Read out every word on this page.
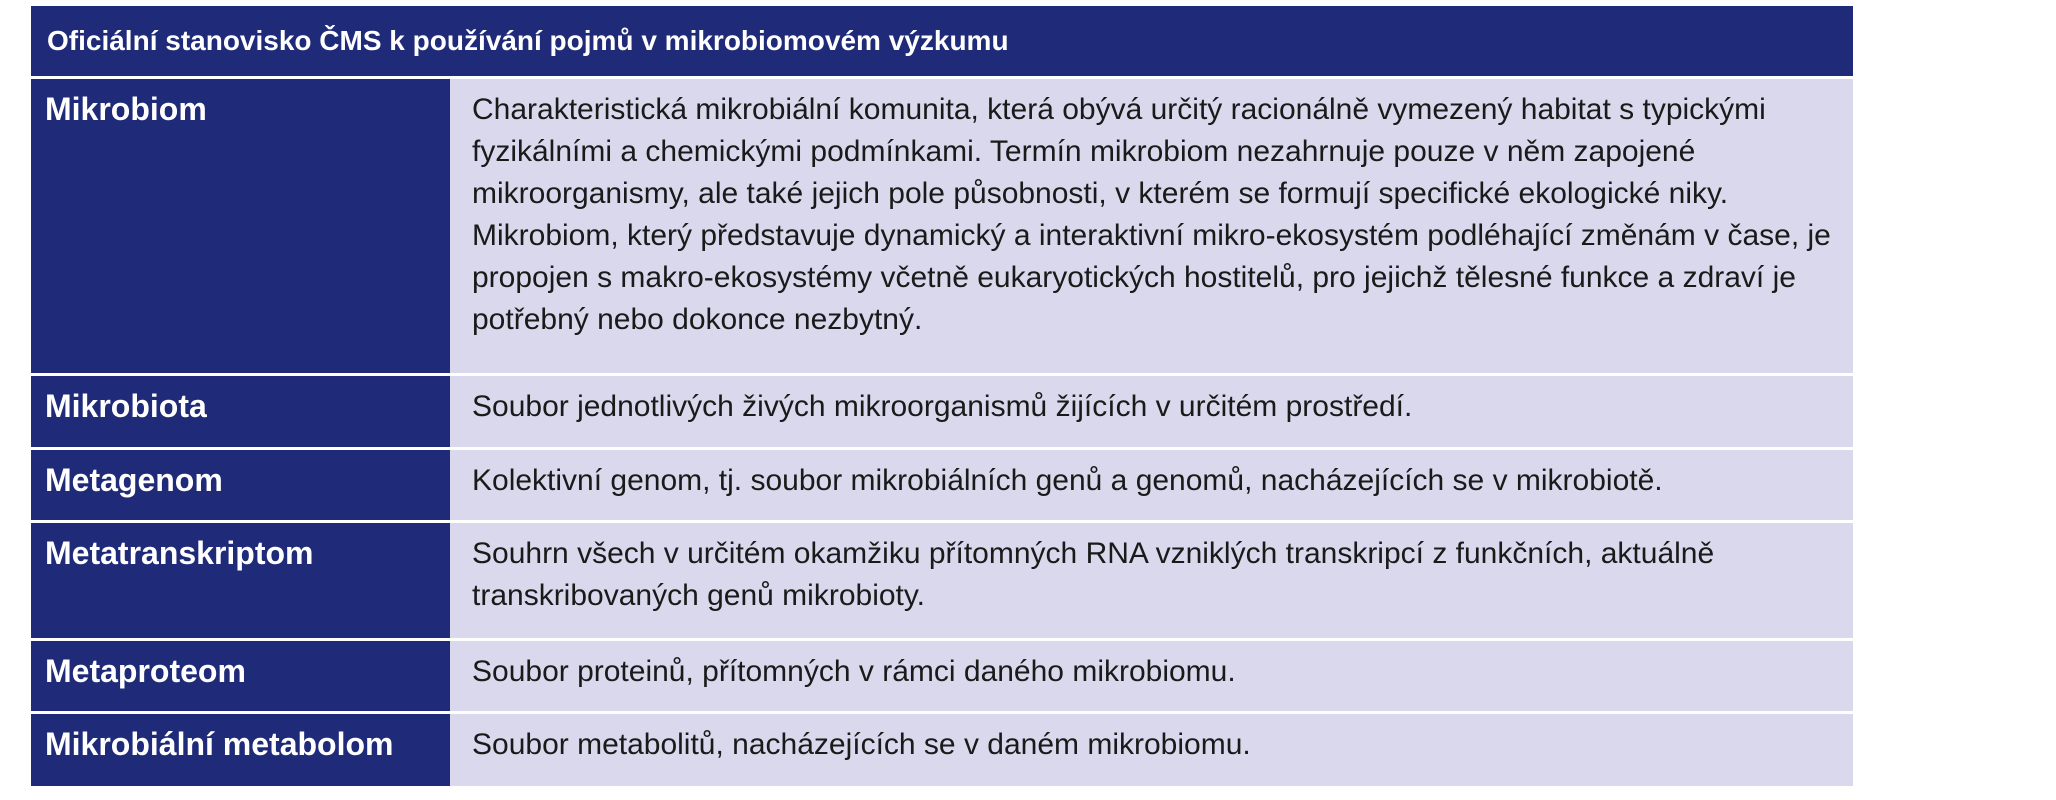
Oficiální stanovisko ČMS k používání pojmů v mikrobiomovém výzkumu	
Mikrobiom	Charakteristická mikrobiální komunita, která obývá určitý racionálně vymezený habitat s typickými fyzikálními a chemickými podmínkami. Termín mikrobiom nezahrnuje pouze v něm zapojené mikroorganismy, ale také jejich pole působnosti, v kterém se formují specifické ekologické niky. Mikrobiom, který představuje dynamický a interaktivní mikro-ekosystém podléhající změnám v čase, je propojen s makro-ekosystémy včetně eukaryotických hostitelů, pro jejichž tělesné funkce a zdraví je potřebný nebo dokonce nezbytný.
Mikrobiota	Soubor jednotlivých živých mikroorganismů žijících v určitém prostředí.
Metagenom	Kolektivní genom, tj. soubor mikrobiálních genů a genomů, nacházejících se v mikrobiotě.
Metatranskriptom	Souhrn všech v určitém okamžiku přítomných RNA vzniklých transkripcí z funkčních, aktuálně transkribovaných genů mikrobioty.
Metaproteom	Soubor proteinů, přítomných v rámci daného mikrobiomu.
Mikrobiální metabolom	Soubor metabolitů, nacházejících se v daném mikrobiomu.
